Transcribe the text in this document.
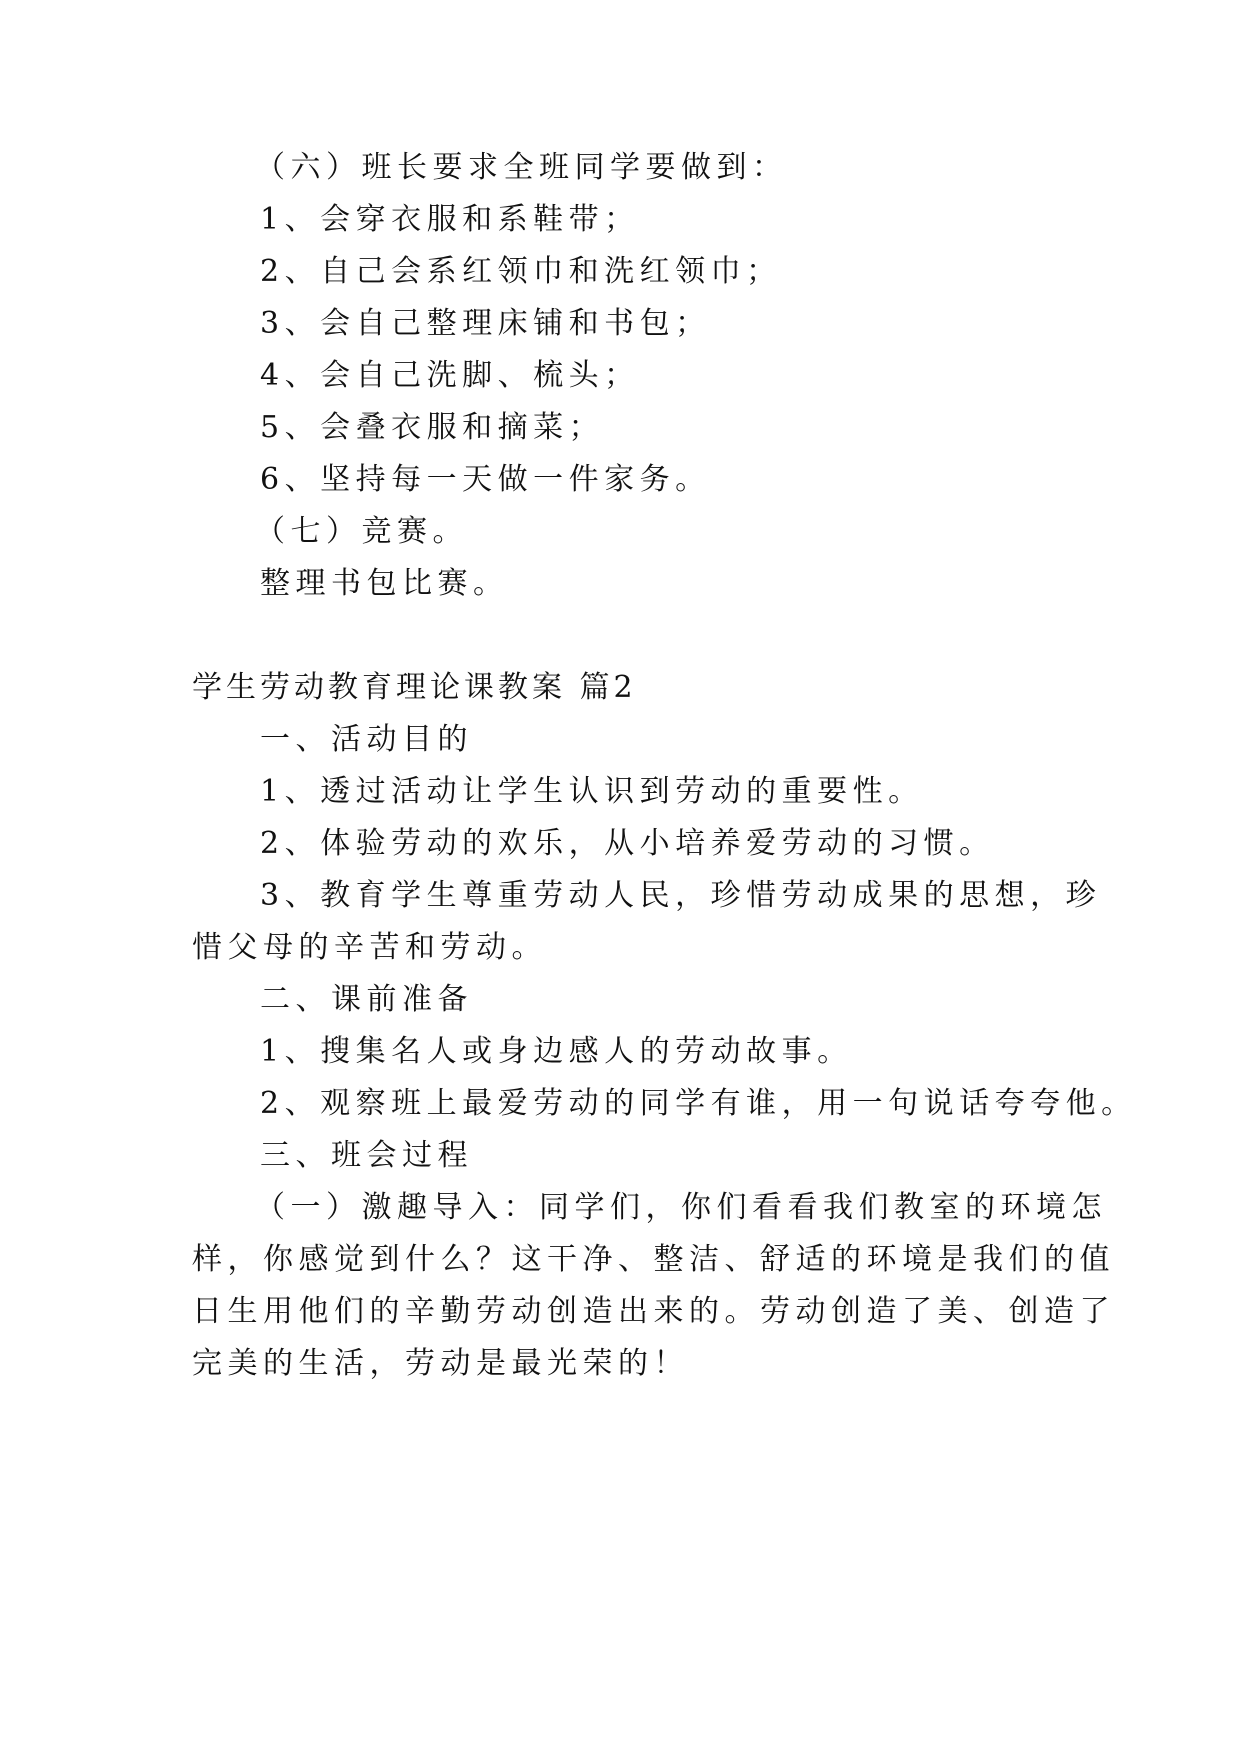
（六）班长要求全班同学要做到：
1、会穿衣服和系鞋带；
2、自己会系红领巾和洗红领巾；
3、会自己整理床铺和书包；
4、会自己洗脚、梳头；
5、会叠衣服和摘菜；
6、坚持每一天做一件家务。
（七）竞赛。
整理书包比赛。
学生劳动教育理论课教案 篇2
一、活动目的
1、透过活动让学生认识到劳动的重要性。
2、体验劳动的欢乐，从小培养爱劳动的习惯。
3、教育学生尊重劳动人民，珍惜劳动成果的思想，珍
惜父母的辛苦和劳动。
二、课前准备
1、搜集名人或身边感人的劳动故事。
2、观察班上最爱劳动的同学有谁，用一句说话夸夸他。
三、班会过程
（一）激趣导入：同学们，你们看看我们教室的环境怎
样，你感觉到什么？这干净、整洁、舒适的环境是我们的值
日生用他们的辛勤劳动创造出来的。劳动创造了美、创造了
完美的生活，劳动是最光荣的！
